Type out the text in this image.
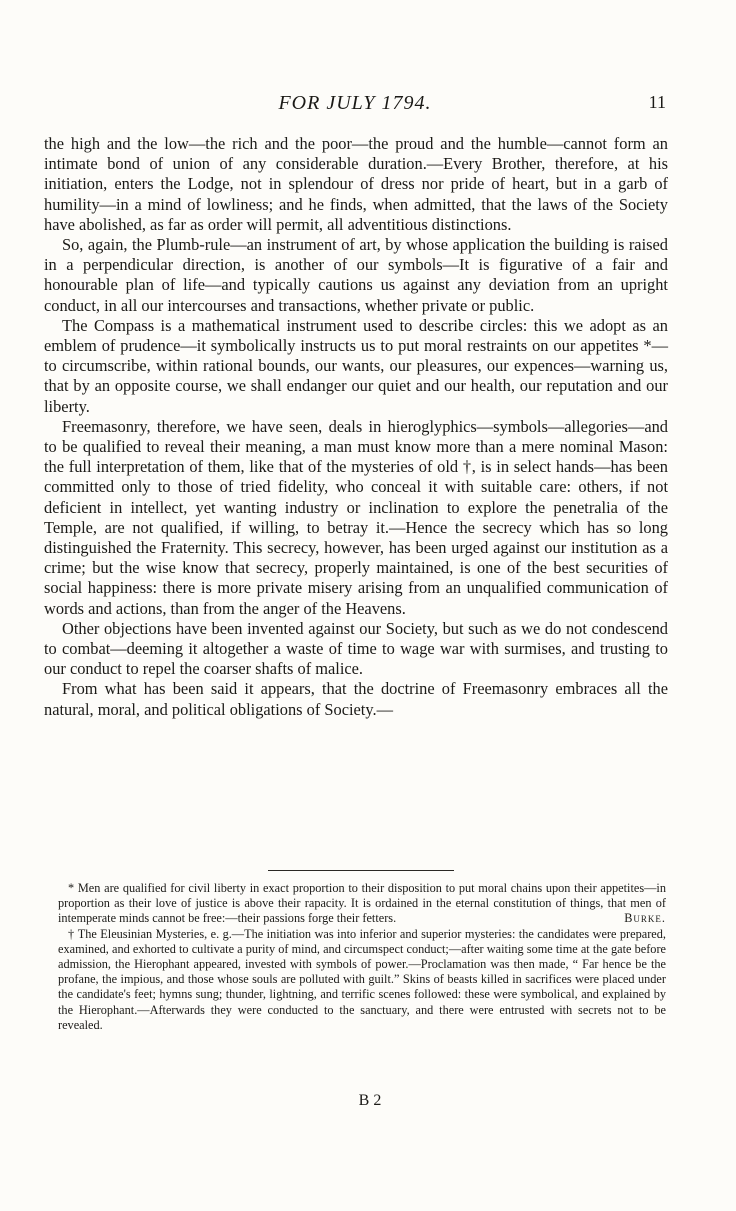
FOR JULY 1794.	11

the high and the low—the rich and the poor—the proud and the humble—cannot form an intimate bond of union of any considerable duration.—Every Brother, therefore, at his initiation, enters the Lodge, not in splendour of dress nor pride of heart, but in a garb of humility—in a mind of lowliness; and he finds, when admitted, that the laws of the Society have abolished, as far as order will permit, all adventitious distinctions.

So, again, the Plumb-rule—an instrument of art, by whose application the building is raised in a perpendicular direction, is another of our symbols—It is figurative of a fair and honourable plan of life—and typically cautions us against any deviation from an upright conduct, in all our intercourses and transactions, whether private or public.

The Compass is a mathematical instrument used to describe circles: this we adopt as an emblem of prudence—it symbolically instructs us to put moral restraints on our appetites *—to circumscribe, within rational bounds, our wants, our pleasures, our expences—warning us, that by an opposite course, we shall endanger our quiet and our health, our reputation and our liberty.

Freemasonry, therefore, we have seen, deals in hieroglyphics—symbols—allegories—and to be qualified to reveal their meaning, a man must know more than a mere nominal Mason: the full interpretation of them, like that of the mysteries of old †, is in select hands—has been committed only to those of tried fidelity, who conceal it with suitable care: others, if not deficient in intellect, yet wanting industry or inclination to explore the penetralia of the Temple, are not qualified, if willing, to betray it.—Hence the secrecy which has so long distinguished the Fraternity. This secrecy, however, has been urged against our institution as a crime; but the wise know that secrecy, properly maintained, is one of the best securities of social happiness: there is more private misery arising from an unqualified communication of words and actions, than from the anger of the Heavens.

Other objections have been invented against our Society, but such as we do not condescend to combat—deeming it altogether a waste of time to wage war with surmises, and trusting to our conduct to repel the coarser shafts of malice.

From what has been said it appears, that the doctrine of Freemasonry embraces all the natural, moral, and political obligations of Society.—

* Men are qualified for civil liberty in exact proportion to their disposition to put moral chains upon their appetites—in proportion as their love of justice is above their rapacity. It is ordained in the eternal constitution of things, that men of intemperate minds cannot be free:—their passions forge their fetters.	Burke.

† The Eleusinian Mysteries, e. g.—The initiation was into inferior and superior mysteries: the candidates were prepared, examined, and exhorted to cultivate a purity of mind, and circumspect conduct;—after waiting some time at the gate before admission, the Hierophant appeared, invested with symbols of power.—Proclamation was then made, “ Far hence be the profane, the impious, and those whose souls are polluted with guilt.” Skins of beasts killed in sacrifices were placed under the candidate's feet; hymns sung; thunder, lightning, and terrific scenes followed: these were symbolical, and explained by the Hierophant.—Afterwards they were conducted to the sanctuary, and there were entrusted with secrets not to be revealed.

B 2
